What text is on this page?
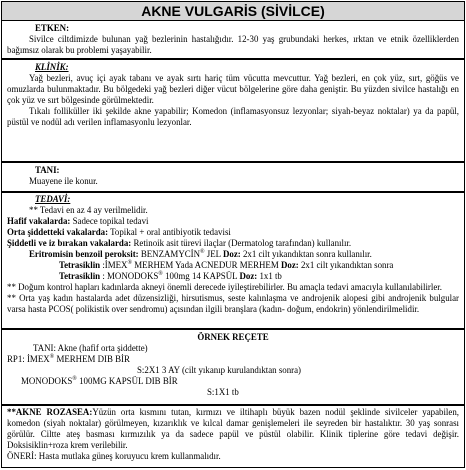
AKNE VULGARİS (SİVİLCE)
ETKEN:

Sivilce ciltdimizde bulunan yağ bezlerinin hastalığıdır. 12-30 yaş grubundaki herkes, ırktan ve etnik özelliklerden bağımsız olarak bu problemi yaşayabilir.

KLİNİK:

Yağ bezleri, avuç içi ayak tabanı ve ayak sırtı hariç tüm vücutta mevcuttur. Yağ bezleri, en çok yüz, sırt, göğüs ve omuzlarda bulunmaktadır. Bu bölgedeki yağ bezleri diğer vücut bölgelerine göre daha geniştir. Bu yüzden sivilce hastalığı en çok yüz ve sırt bölgesinde görülmektedir.

Tıkalı folliküller iki şekilde akne yapabilir; Komedon (inflamasyonsuz lezyonlar; siyah-beyaz noktalar) ya da papül, püstül ve nodül adı verilen inflamasyonlu lezyonlar.

TANI:

Muayene ile konur.

TEDAVİ:

** Tedavi en az 4 ay verilmelidir.

Hafif vakalarda: Sadece topikal tedavi

Orta şiddetteki vakalarda: Topikal + oral antibiyotik tedavisi

Şiddetli ve iz bırakan vakalarda: Retinoik asit türevi ilaçlar (Dermatolog tarafından) kullanılır.

Eritromisin benzoil peroksit: BENZAMYCİN® JEL Doz: 2x1 cilt yıkandıktan sonra kullanılır.

Tetrasiklin :İMEX® MERHEM Yada ACNEDUR MERHEM Doz: 2x1 cilt yıkandıktan sonra

Tetrasiklin : MONODOKS® 100mg 14 KAPSÜL Doz: 1x1 tb

** Doğum kontrol hapları kadınlarda akneyi önemli derecede iyileştirebilirler. Bu amaçla tedavi amacıyla kullanılabilirler.

** Orta yaş kadın hastalarda adet düzensizliği, hirsutismus, seste kalınlaşma ve androjenik alopesi gibi androjenik bulgular varsa hasta PCOS( polikistik over sendromu) açısından ilgili branşlara (kadın- doğum, endokrin) yönlendirilmelidir.

ÖRNEK REÇETE

TANI: Akne (hafif orta şiddette)

RP1: İMEX® MERHEM DIB BİR

S:2X1 3 AY (cilt yıkanıp kurulandıktan sonra)

MONODOKS® 100MG KAPSÜL DIB BİR

S:1X1 tb

**AKNE ROZASEA:Yüzün orta kısmını tutan, kırmızı ve iltihaplı büyük bazen nodül şeklinde sivilceler yapabilen, komedon (siyah noktalar) görülmeyen, kızarıklık ve kılcal damar genişlemeleri ile seyreden bir hastalıktır. 30 yaş sonrası görülür. Ciltte ateş basması kırmızılık ya da sadece papül ve püstül olabilir. Klinik tiplerine göre tedavi değişir. Doksisiklin+roza krem verilebilir.

ÖNERİ: Hasta mutlaka güneş koruyucu krem kullanmalıdır.
